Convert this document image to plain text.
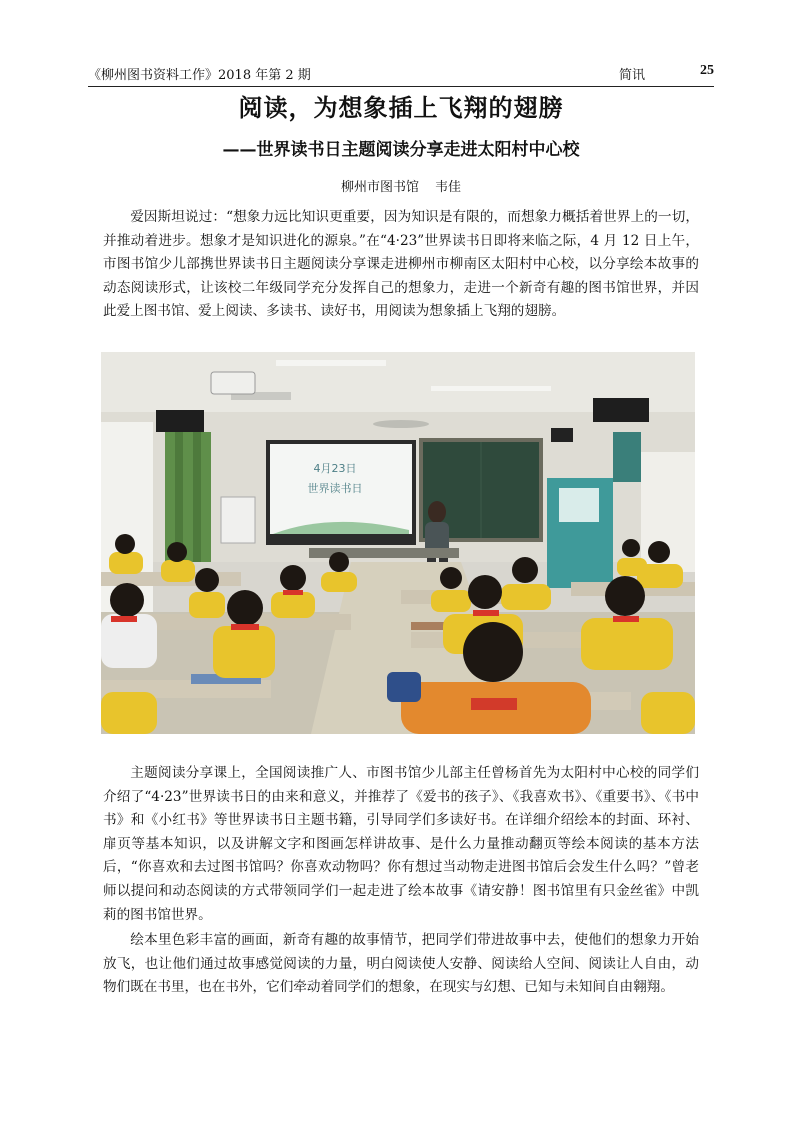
《柳州图书资料工作》2018 年第 2 期	简讯	25
阅读，为想象插上飞翔的翅膀
——世界读书日主题阅读分享走进太阳村中心校
柳州市图书馆 韦佳

爱因斯坦说过：“想象力远比知识更重要，因为知识是有限的，而想象力概括着世界上的一切，并推动着进步。想象才是知识进化的源泉。”在“4·23”世界读书日即将来临之际，4 月 12 日上午，市图书馆少儿部携世界读书日主题阅读分享课走进柳州市柳南区太阳村中心校，以分享绘本故事的动态阅读形式，让该校二年级同学充分发挥自己的想象力，走进一个新奇有趣的图书馆世界，并因此爱上图书馆、爱上阅读、多读书、读好书，用阅读为想象插上飞翔的翅膀。

4月23日
世界读书日

主题阅读分享课上，全国阅读推广人、市图书馆少儿部主任曾杨首先为太阳村中心校的同学们介绍了“4·23”世界读书日的由来和意义，并推荐了《爱书的孩子》、《我喜欢书》、《重要书》、《书中书》和《小红书》等世界读书日主题书籍，引导同学们多读好书。在详细介绍绘本的封面、环衬、扉页等基本知识，以及讲解文字和图画怎样讲故事、是什么力量推动翻页等绘本阅读的基本方法后，“你喜欢和去过图书馆吗？你喜欢动物吗？你有想过当动物走进图书馆后会发生什么吗？”曾老师以提问和动态阅读的方式带领同学们一起走进了绘本故事《请安静！图书馆里有只金丝雀》中凯莉的图书馆世界。

绘本里色彩丰富的画面，新奇有趣的故事情节，把同学们带进故事中去，使他们的想象力开始放飞，也让他们通过故事感觉阅读的力量，明白阅读使人安静、阅读给人空间、阅读让人自由，动物们既在书里，也在书外，它们牵动着同学们的想象，在现实与幻想、已知与未知间自由翱翔。
